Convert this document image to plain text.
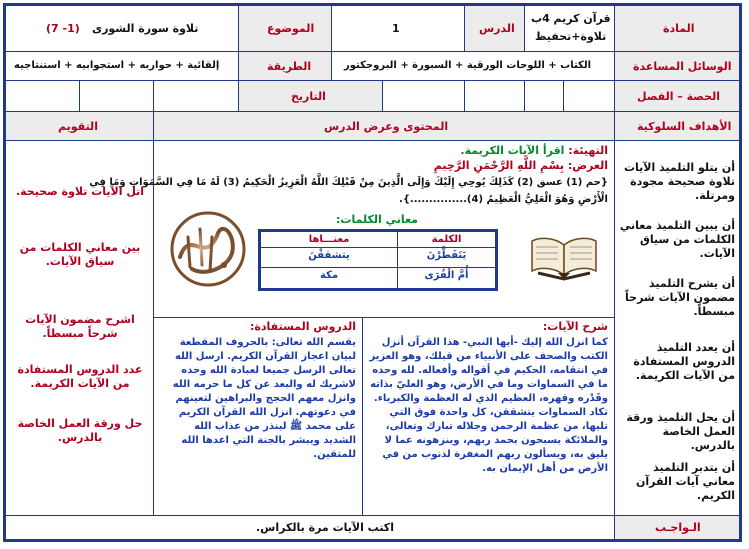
المادة
قرآن كريم 4ب
تلاوة+تحفيظ
الدرس
1
الموضوع
تلاوة سورة الشورى
(1- 7)
الوسائل المساعدة
الكتاب + اللوحات الورقية + السبورة + البروجكتور
الطريقة
إلقائية + حواريه + استجوابيه + استنتاجيه
الحصة – الفصل
التاريخ
الأهداف السلوكية
المحتوى وعرض الدرس
التقويم
أن يتلو التلميذ الآيات تلاوة صحيحة مجودة ومرتلة.
أن يبين التلميذ معاني الكلمات من سياق الآيات.
أن يشرح التلميذ مضمون الآيات شرحاً مبسطاً.
أن يعدد التلميذ الدروس المستفادة من الآيات الكريمة.
أن يحل التلميذ ورقة العمل الخاصة بالدرس.
أن يتدبر التلميذ معاني آيات القرآن الكريم.
التهيئة: اقرأ الآيات الكريمة.
العرض: بِسْمِ اللَّهِ الرَّحْمَنِ الرَّحِيمِ
{حم (1) عسق (2) كَذَلِكَ يُوحِي إِلَيْكَ وَإِلَى الَّذِينَ مِنْ قَبْلِكَ اللَّهُ الْعَزِيزُ الْحَكِيمُ (3) لَهُ مَا فِي السَّمَوَاتِ وَمَا فِي
الْأَرْضِ وَهُوَ الْعَلِيُّ الْعَظِيمُ (4)...............}.
معاني الكلمات:
الكلمة
معنـــاها
يَتَفَطَّرْنَ
يتشققْنَ
أُمَّ الْقُرَى
مكة
شرح الآيات:
كما انزل الله إليك -أيها النبي- هذا القرآن أنزل الكتب والصحف على الأنبياء من قبلك، وهو العزيز في انتقامه، الحكيم في أقواله وأفعاله. لله وحده ما في السماوات وما في الأرض، وهو العليّ بذاته وقَدْره وقهره، العظيم الذي له العظمة والكبرياء. تكاد السماوات يتشققن، كل واحدة فوق التي تليها، من عظمة الرحمن وجلاله تبارك وتعالى، والملائكة يسبحون بحمد ربهم، وينزهونه عما لا يليق به، ويسألون ربهم المغفرة لذنوب من في الأرض من أهل الإيمان به.
الدروس المستفادة:
يقسم الله تعالى: بالحروف المقطعة لبيان اعجاز القرآن الكريم. ارسل الله تعالى الرسل جميعا لعبادة الله وحده لاشريك له والبعد عن كل ما حرمه الله وانزل معهم الحجج والبراهين لتعينهم في دعوتهم. انزل الله القرآن الكريم على محمد ﷺ لينذر من عذاب الله الشديد ويبشر بالجنة التي اعدها الله للمتقين.
اتل الآيات تلاوة صحيحة.
بين معاني الكلمات من سياق الآيات.
اشرح مضمون الآيات شرحاً مبسطاً.
عدد الدروس المستفادة من الآيات الكريمة.
حل ورقة العمل الخاصة بالدرس.
الـواجـب
اكتب الآيات مرة بالكراس.
